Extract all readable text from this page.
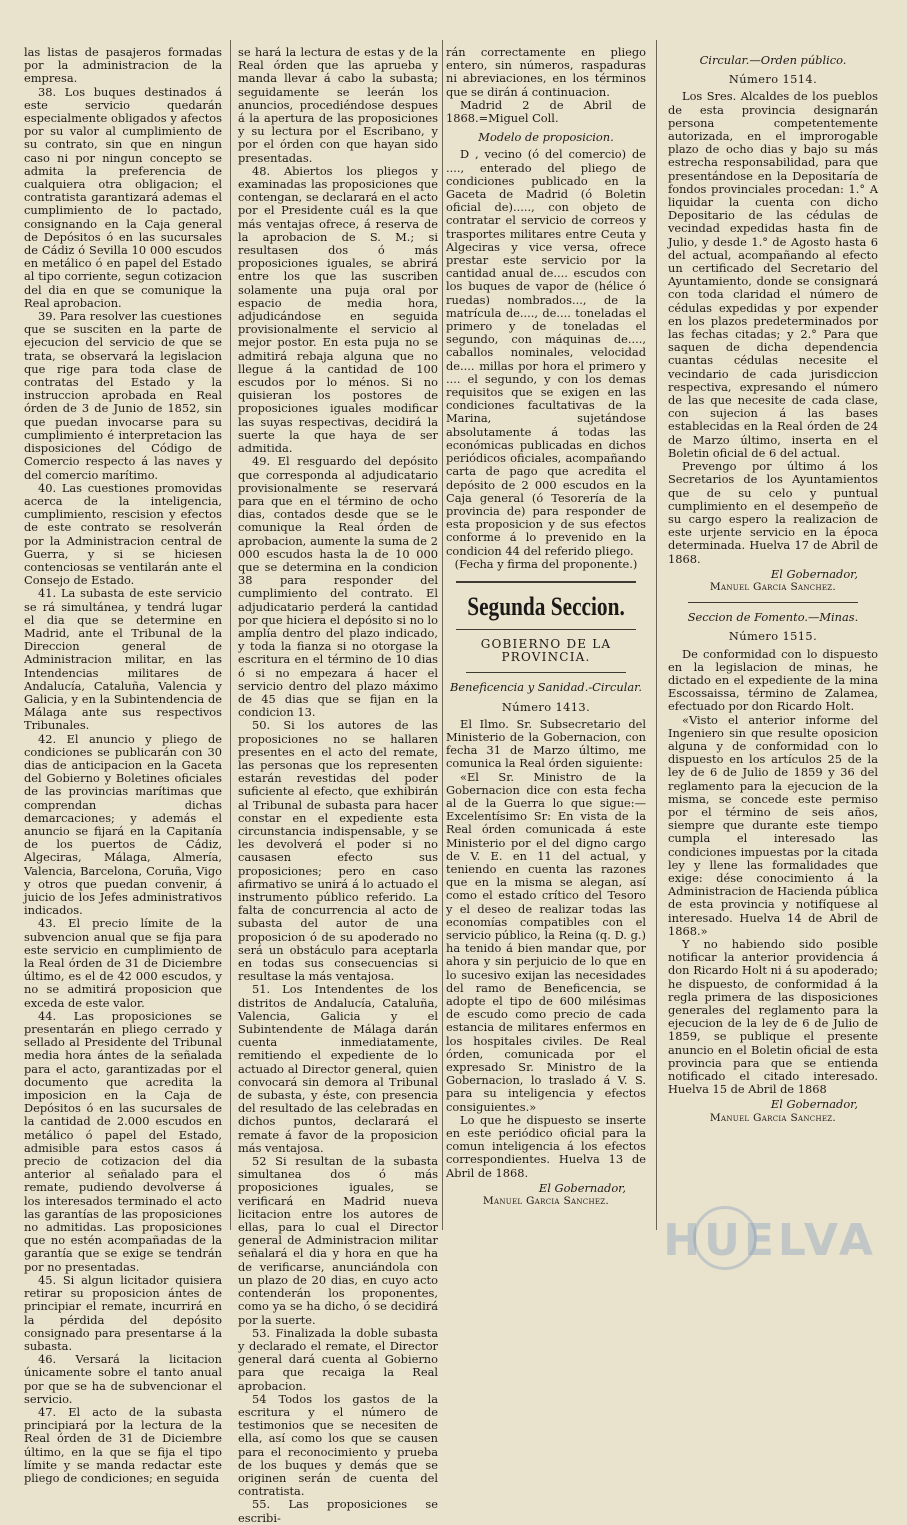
las listas de pasajeros formadas por la administracion de la empresa.

38. Los buques destinados á este servicio quedarán especialmente obligados y afectos por su valor al cumplimiento de su contrato, sin que en ningun caso ni por ningun concepto se admita la preferencia de cualquiera otra obligacion; el contratista garantizará ademas el cumplimiento de lo pactado, consignando en la Caja general de Depósitos ó en las sucursales de Cádiz ó Sevilla 10 000 escudos en metálico ó en papel del Estado al tipo corriente, segun cotizacion del dia en que se comunique la Real aprobacion.

39. Para resolver las cuestiones que se susciten en la parte de ejecucion del servicio de que se trata, se observará la legislacion que rige para toda clase de contratas del Estado y la instruccion aprobada en Real órden de 3 de Junio de 1852, sin que puedan invocarse para su cumplimiento é interpretacion las disposiciones del Código de Comercio respecto á las naves y del comercio marítimo.

40. Las cuestiones promovidas acerca de la inteligencia, cumplimiento, rescision y efectos de este contrato se resolverán por la Administracion central de Guerra, y si se hiciesen contenciosas se ventilarán ante el Consejo de Estado.

41. La subasta de este servicio se rá simultánea, y tendrá lugar el dia que se determine en Madrid, ante el Tribunal de la Direccion general de Administracion militar, en las Intendencias militares de Andalucía, Cataluña, Valencia y Galicia, y en la Subintendencia de Málaga ante sus respectivos Tribunales.

42. El anuncio y pliego de condiciones se publicarán con 30 dias de anticipacion en la Gaceta del Gobierno y Boletines oficiales de las provincias marítimas que comprendan dichas demarcaciones; y además el anuncio se fijará en la Capitanía de los puertos de Cádiz, Algeciras, Málaga, Almería, Valencia, Barcelona, Coruña, Vigo y otros que puedan convenir, á juicio de los Jefes administrativos indicados.

43. El precio límite de la subvencion anual que se fija para este servicio en cumplimiento de la Real órden de 31 de Diciembre último, es el de 42 000 escudos, y no se admitirá proposicion que exceda de este valor.

44. Las proposiciones se presentarán en pliego cerrado y sellado al Presidente del Tribunal media hora ántes de la señalada para el acto, garantizadas por el documento que acredita la imposicion en la Caja de Depósitos ó en las sucursales de la cantidad de 2.000 escudos en metálico ó papel del Estado, admisible para estos casos á precio de cotizacion del dia anterior al señalado para el remate, pudiendo devolverse á los interesados terminado el acto las garantías de las proposiciones no admitidas. Las proposiciones que no estén acompañadas de la garantía que se exige se tendrán por no presentadas.

45. Si algun licitador quisiera retirar su proposicion ántes de principiar el remate, incurrirá en la pérdida del depósito consignado para presentarse á la subasta.

46. Versará la licitacion únicamente sobre el tanto anual por que se ha de subvencionar el servicio.

47. El acto de la subasta principiará por la lectura de la Real órden de 31 de Diciembre último, en la que se fija el tipo límite y se manda redactar este pliego de condiciones; en seguida

se hará la lectura de estas y de la Real órden que las aprueba y manda llevar á cabo la subasta; seguidamente se leerán los anuncios, procediéndose despues á la apertura de las proposiciones y su lectura por el Escribano, y por el órden con que hayan sido presentadas.

48. Abiertos los pliegos y examinadas las proposiciones que contengan, se declarará en el acto por el Presidente cuál es la que más ventajas ofrece, á reserva de la aprobacion de S. M.; si resultasen dos ó más proposiciones iguales, se abrirá entre los que las suscriben solamente una puja oral por espacio de media hora, adjudicándose en seguida provisionalmente el servicio al mejor postor. En esta puja no se admitirá rebaja alguna que no llegue á la cantidad de 100 escudos por lo ménos. Si no quisieran los postores de proposiciones iguales modificar las suyas respectivas, decidirá la suerte la que haya de ser admitida.

49. El resguardo del depósito que corresponda al adjudicatario provisionalmente se reservará para que en el término de ocho dias, contados desde que se le comunique la Real órden de aprobacion, aumente la suma de 2 000 escudos hasta la de 10 000 que se determina en la condicion 38 para responder del cumplimiento del contrato. El adjudicatario perderá la cantidad por que hiciera el depósito si no lo amplía dentro del plazo indicado, y toda la fianza si no otorgase la escritura en el término de 10 dias ó si no empezara á hacer el servicio dentro del plazo máximo de 45 dias que se fijan en la condicion 13.

50. Si los autores de las proposiciones no se hallaren presentes en el acto del remate, las personas que los representen estarán revestidas del poder suficiente al efecto, que exhibirán al Tribunal de subasta para hacer constar en el expediente esta circunstancia indispensable, y se les devolverá el poder si no causasen efecto sus proposiciones; pero en caso afirmativo se unirá á lo actuado el instrumento público referido. La falta de concurrencia al acto de subasta del autor de una proposicion ó de su apoderado no será un obstáculo para aceptarla en todas sus consecuencias si resultase la más ventajosa.

51. Los Intendentes de los distritos de Andalucía, Cataluña, Valencia, Galicia y el Subintendente de Málaga darán cuenta inmediatamente, remitiendo el expediente de lo actuado al Director general, quien convocará sin demora al Tribunal de subasta, y éste, con presencia del resultado de las celebradas en dichos puntos, declarará el remate á favor de la proposicion más ventajosa.

52 Si resultan de la subasta simultanea dos ó más proposiciones iguales, se verificará en Madrid nueva licitacion entre los autores de ellas, para lo cual el Director general de Administracion militar señalará el dia y hora en que ha de verificarse, anunciándola con un plazo de 20 dias, en cuyo acto contenderán los proponentes, como ya se ha dicho, ó se decidirá por la suerte.

53. Finalizada la doble subasta y declarado el remate, el Director general dará cuenta al Gobierno para que recaiga la Real aprobacion.

54 Todos los gastos de la escritura y el número de testimonios que se necesiten de ella, así como los que se causen para el reconocimiento y prueba de los buques y demás que se originen serán de cuenta del contratista.

55. Las proposiciones se escribi-

rán correctamente en pliego entero, sin números, raspaduras ni abreviaciones, en los términos que se dirán á continuacion.

Madrid 2 de Abril de 1868.=Miguel Coll.

Modelo de proposicion.

D , vecino (ó del comercio) de ...., enterado del pliego de condiciones publicado en la Gaceta de Madrid (ó Boletin oficial de)....., con objeto de contratar el servicio de correos y trasportes militares entre Ceuta y Algeciras y vice versa, ofrece prestar este servicio por la cantidad anual de.... escudos con los buques de vapor de (hélice ó ruedas) nombrados..., de la matrícula de...., de.... toneladas el primero y de toneladas el segundo, con máquinas de...., caballos nominales, velocidad de.... millas por hora el primero y .... el segundo, y con los demas requisitos que se exigen en las condiciones facultativas de la Marina, sujetándose absolutamente á todas las económicas publicadas en dichos periódicos oficiales, acompañando carta de pago que acredita el depósito de 2 000 escudos en la Caja general (ó Tesorería de la provincia de) para responder de esta proposicion y de sus efectos conforme á lo prevenido en la condicion 44 del referido pliego.

(Fecha y firma del proponente.)

Segunda Seccion.
GOBIERNO DE LA PROVINCIA.

Beneficencia y Sanidad.-Circular.

Número 1413.

El Ilmo. Sr. Subsecretario del Ministerio de la Gobernacion, con fecha 31 de Marzo último, me comunica la Real órden siguiente:

«El Sr. Ministro de la Gobernacion dice con esta fecha al de la Guerra lo que sigue:—Excelentísimo Sr: En vista de la Real órden comunicada á este Ministerio por el del digno cargo de V. E. en 11 del actual, y teniendo en cuenta las razones que en la misma se alegan, así como el estado crítico del Tesoro y el deseo de realizar todas las economías compatibles con el servicio público, la Reina (q. D. g.) ha tenido á bien mandar que, por ahora y sin perjuicio de lo que en lo sucesivo exijan las necesidades del ramo de Beneficencia, se adopte el tipo de 600 milésimas de escudo como precio de cada estancia de militares enfermos en los hospitales civiles. De Real órden, comunicada por el expresado Sr. Ministro de la Gobernacion, lo traslado á V. S. para su inteligencia y efectos consiguientes.»

Lo que he dispuesto se inserte en este periódico oficial para la comun inteligencia á los efectos correspondientes. Huelva 13 de Abril de 1868.

El Gobernador,
Manuel Garcia Sanchez.

Circular.—Orden público.

Número 1514.

Los Sres. Alcaldes de los pueblos de esta provincia designarán persona competentemente autorizada, en el improrogable plazo de ocho dias y bajo su más estrecha responsabilidad, para que presentándose en la Depositaría de fondos provinciales procedan: 1.° A liquidar la cuenta con dicho Depositario de las cédulas de vecindad expedidas hasta fin de Julio, y desde 1.° de Agosto hasta 6 del actual, acompañando al efecto un certificado del Secretario del Ayuntamiento, donde se consignará con toda claridad el número de cédulas expedidas y por expender en los plazos predeterminados por las fechas citadas; y 2.° Para que saquen de dicha dependencia cuantas cédulas necesite el vecindario de cada jurisdiccion respectiva, expresando el número de las que necesite de cada clase, con sujecion á las bases establecidas en la Real órden de 24 de Marzo último, inserta en el Boletin oficial de 6 del actual.

Prevengo por último á los Secretarios de los Ayuntamientos que de su celo y puntual cumplimiento en el desempeño de su cargo espero la realizacion de este urjente servicio en la época determinada. Huelva 17 de Abril de 1868.

El Gobernador,
Manuel Garcia Sanchez.

Seccion de Fomento.—Minas.

Número 1515.

De conformidad con lo dispuesto en la legislacion de minas, he dictado en el expediente de la mina Escossaissa, término de Zalamea, efectuado por don Ricardo Holt.

«Visto el anterior informe del Ingeniero sin que resulte oposicion alguna y de conformidad con lo dispuesto en los artículos 25 de la ley de 6 de Julio de 1859 y 36 del reglamento para la ejecucion de la misma, se concede este permiso por el término de seis años, siempre que durante este tiempo cumpla el interesado las condiciones impuestas por la citada ley y llene las formalidades que exige: dése conocimiento á la Administracion de Hacienda pública de esta provincia y notifíquese al interesado. Huelva 14 de Abril de 1868.»

Y no habiendo sido posible notificar la anterior providencia á don Ricardo Holt ni á su apoderado; he dispuesto, de conformidad á la regla primera de las disposiciones generales del reglamento para la ejecucion de la ley de 6 de Julio de 1859, se publique el presente anuncio en el Boletin oficial de esta provincia para que se entienda notificado el citado interesado. Huelva 15 de Abril de 1868

El Gobernador,
Manuel Garcia Sanchez.
HUELVA
